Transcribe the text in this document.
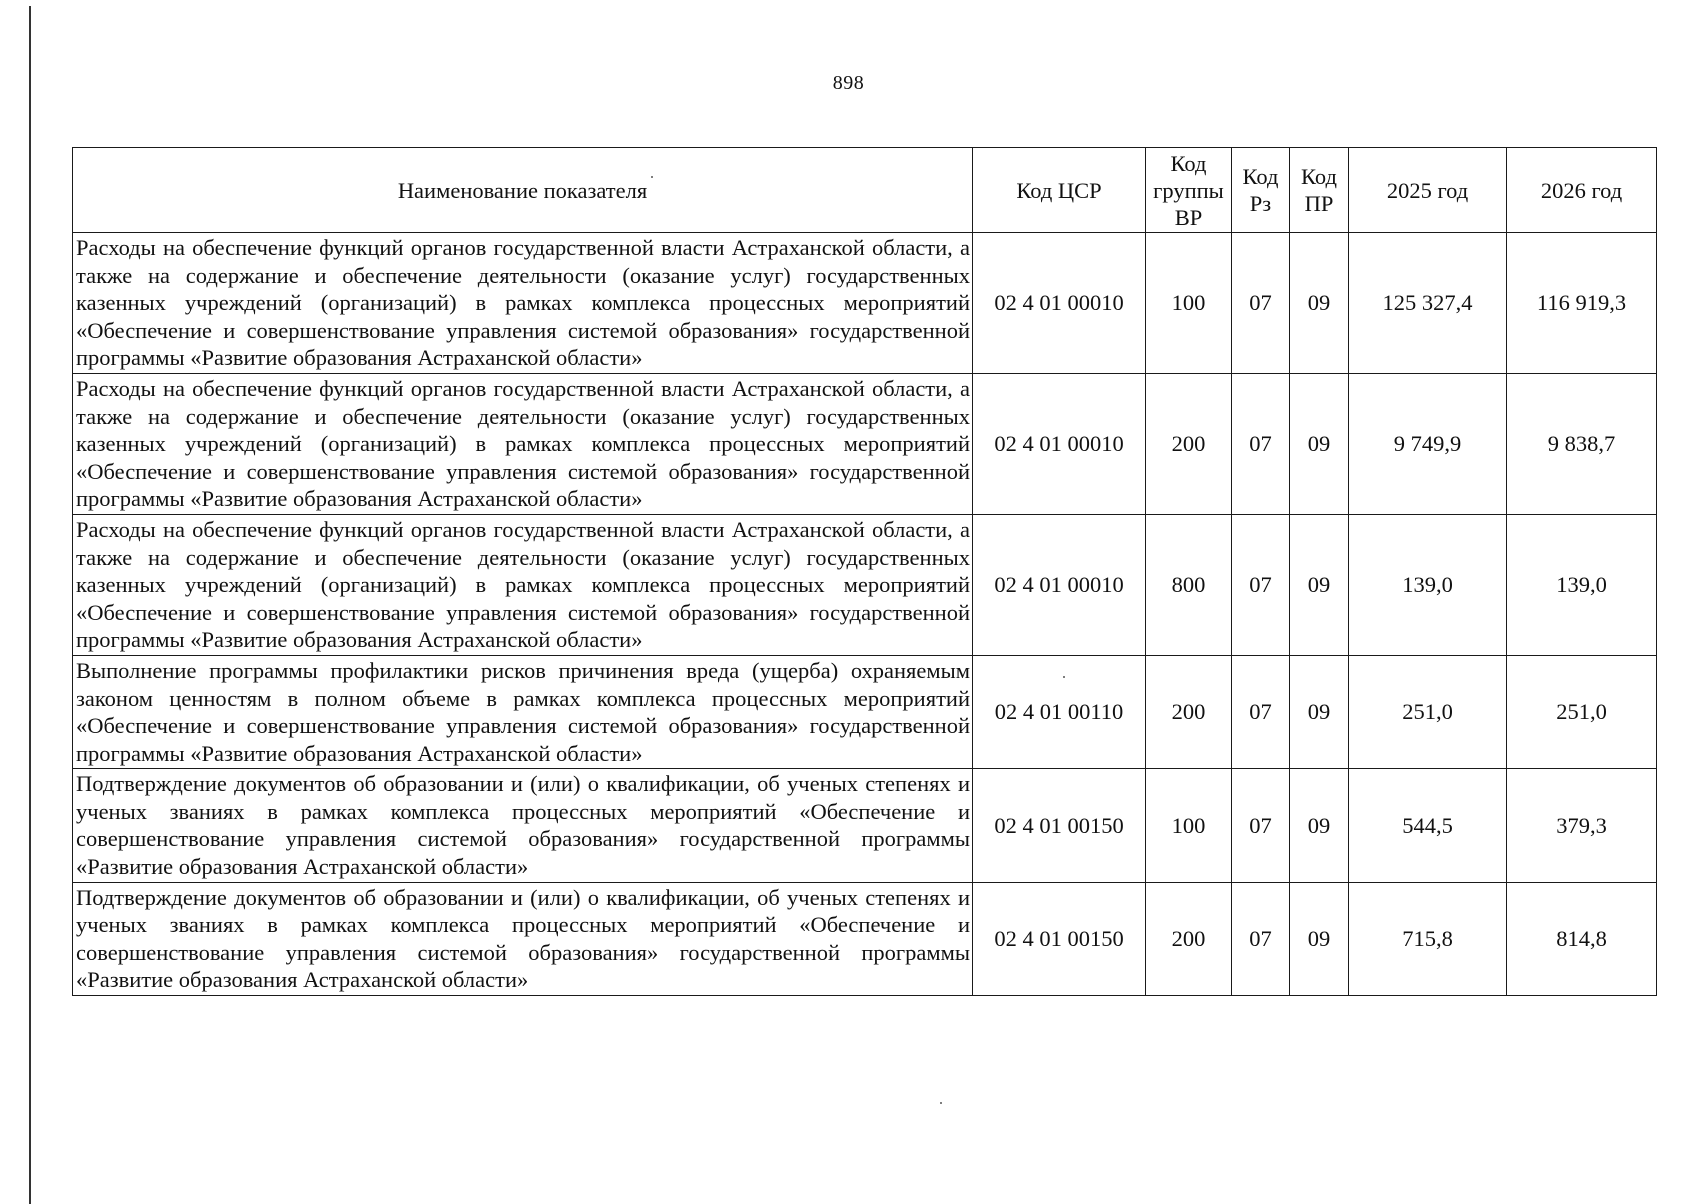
898
Наименование показателя	Код ЦСР	Код группы ВР	Код Рз	Код ПР	2025 год	2026 год
Расходы на обеспечение функций органов государственной власти Астраханской области, а также на содержание и обеспечение деятельности (оказание услуг) государственных казенных учреждений (организаций) в рамках комплекса процессных мероприятий «Обеспечение и совершенствование управления системой образования» государственной программы «Развитие образования Астраханской области»	02 4 01 00010	100	07	09	125 327,4	116 919,3
Расходы на обеспечение функций органов государственной власти Астраханской области, а также на содержание и обеспечение деятельности (оказание услуг) государственных казенных учреждений (организаций) в рамках комплекса процессных мероприятий «Обеспечение и совершенствование управления системой образования» государственной программы «Развитие образования Астраханской области»	02 4 01 00010	200	07	09	9 749,9	9 838,7
Расходы на обеспечение функций органов государственной власти Астраханской области, а также на содержание и обеспечение деятельности (оказание услуг) государственных казенных учреждений (организаций) в рамках комплекса процессных мероприятий «Обеспечение и совершенствование управления системой образования» государственной программы «Развитие образования Астраханской области»	02 4 01 00010	800	07	09	139,0	139,0
Выполнение программы профилактики рисков причинения вреда (ущерба) охраняемым законом ценностям в полном объеме в рамках комплекса процессных мероприятий «Обеспечение и совершенствование управления системой образования» государственной программы «Развитие образования Астраханской области»	02 4 01 00110	200	07	09	251,0	251,0
Подтверждение документов об образовании и (или) о квалификации, об ученых степенях и ученых званиях в рамках комплекса процессных мероприятий «Обеспечение и совершенствование управления системой образования» государственной программы «Развитие образования Астраханской области»	02 4 01 00150	100	07	09	544,5	379,3
Подтверждение документов об образовании и (или) о квалификации, об ученых степенях и ученых званиях в рамках комплекса процессных мероприятий «Обеспечение и совершенствование управления системой образования» государственной программы «Развитие образования Астраханской области»	02 4 01 00150	200	07	09	715,8	814,8
